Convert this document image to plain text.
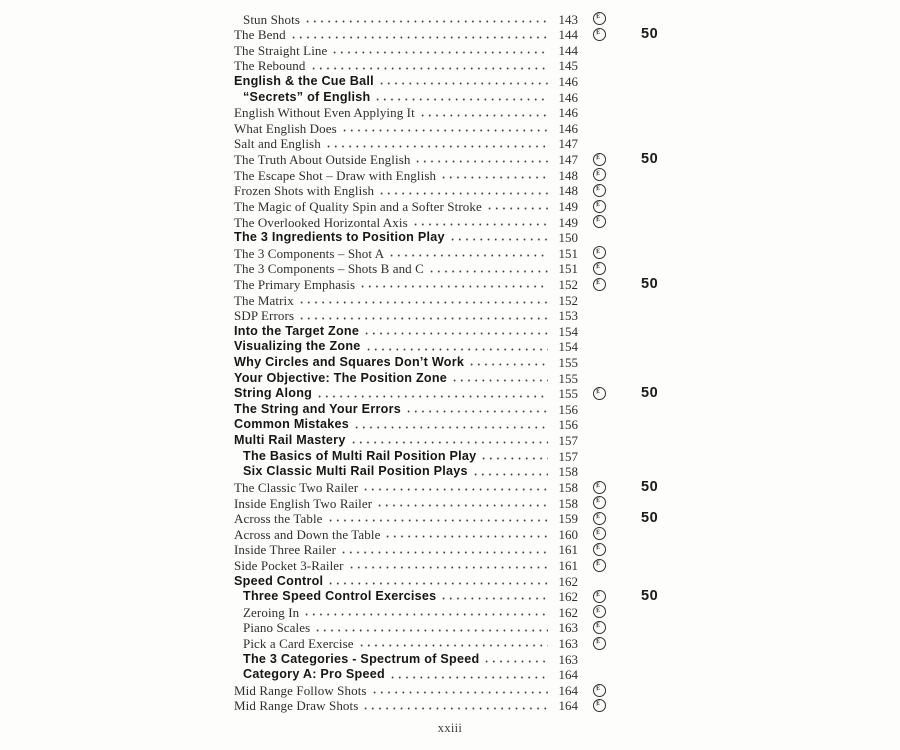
Stun Shots	143	E
The Bend	144	E	50
The Straight Line	144
The Rebound	145
English & the Cue Ball	146
“Secrets” of English	146
English Without Even Applying It	146
What English Does	146
Salt and English	147
The Truth About Outside English	147	E	50
The Escape Shot – Draw with English	148	E
Frozen Shots with English	148	E
The Magic of Quality Spin and a Softer Stroke	149	E
The Overlooked Horizontal Axis	149	E
The 3 Ingredients to Position Play	150
The 3 Components – Shot A	151	E
The 3 Components – Shots B and C	151	E
The Primary Emphasis	152	E	50
The Matrix	152
SDP Errors	153
Into the Target Zone	154
Visualizing the Zone	154
Why Circles and Squares Don’t Work	155
Your Objective: The Position Zone	155
String Along	155	E	50
The String and Your Errors	156
Common Mistakes	156
Multi Rail Mastery	157
The Basics of Multi Rail Position Play	157
Six Classic Multi Rail Position Plays	158
The Classic Two Railer	158	E	50
Inside English Two Railer	158	E
Across the Table	159	E	50
Across and Down the Table	160	E
Inside Three Railer	161	E
Side Pocket 3-Railer	161	E
Speed Control	162
Three Speed Control Exercises	162	E	50
Zeroing In	162	E
Piano Scales	163	E
Pick a Card Exercise	163	E
The 3 Categories - Spectrum of Speed	163
Category A: Pro Speed	164
Mid Range Follow Shots	164	E
Mid Range Draw Shots	164	E
xxiii
